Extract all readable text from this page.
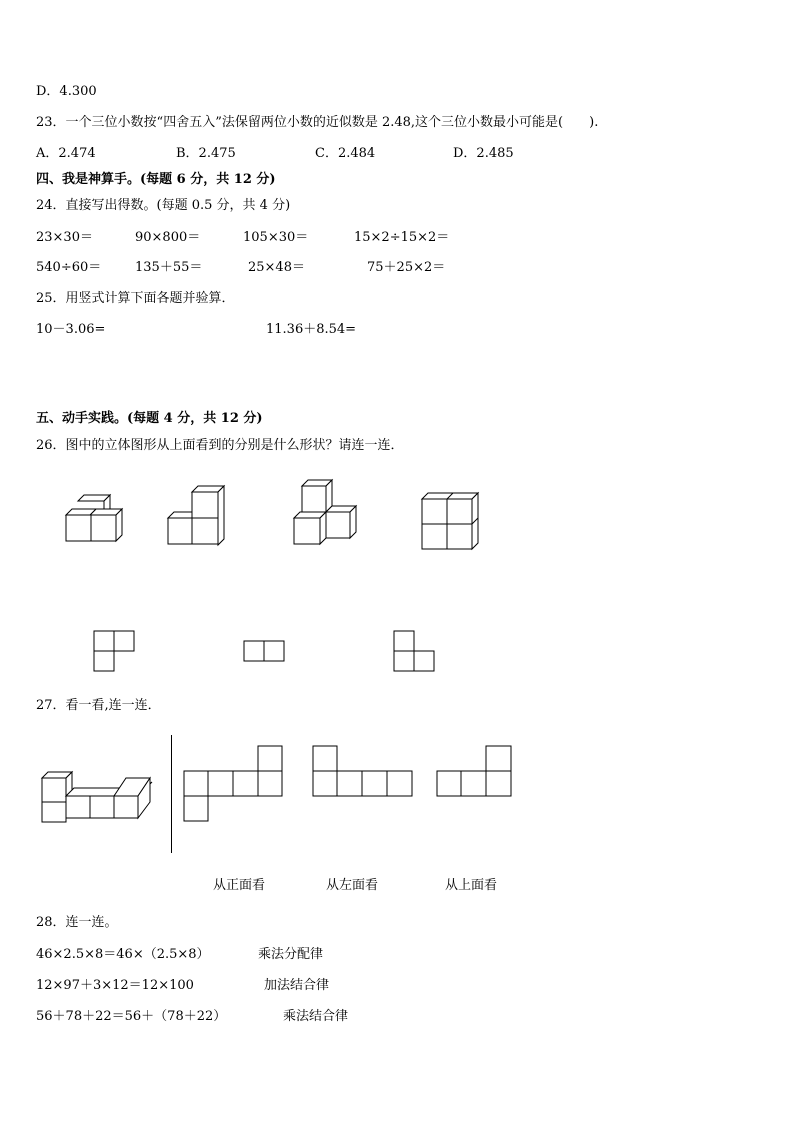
D．4.300
23．一个三位小数按“四舍五入”法保留两位小数的近似数是 2.48,这个三位小数最小可能是(　　).
A．2.474	B．2.475	C．2.484	D．2.485
四、我是神算手。(每题 6 分，共 12 分)
24．直接写出得数。(每题 0.5 分，共 4 分)
23×30＝	90×800＝	105×30＝	15×2÷15×2＝
540÷60＝	135＋55＝	25×48＝	75＋25×2＝
25．用竖式计算下面各题并验算．
10－3.06=	11.36＋8.54=
五、动手实践。(每题 4 分，共 12 分)
26．图中的立体图形从上面看到的分别是什么形状？请连一连．
27．看一看,连一连．
从正面看	从左面看	从上面看
28．连一连。
46×2.5×8＝46×（2.5×8）	乘法分配律
12×97＋3×12＝12×100	加法结合律
56＋78＋22＝56＋（78＋22）	乘法结合律
